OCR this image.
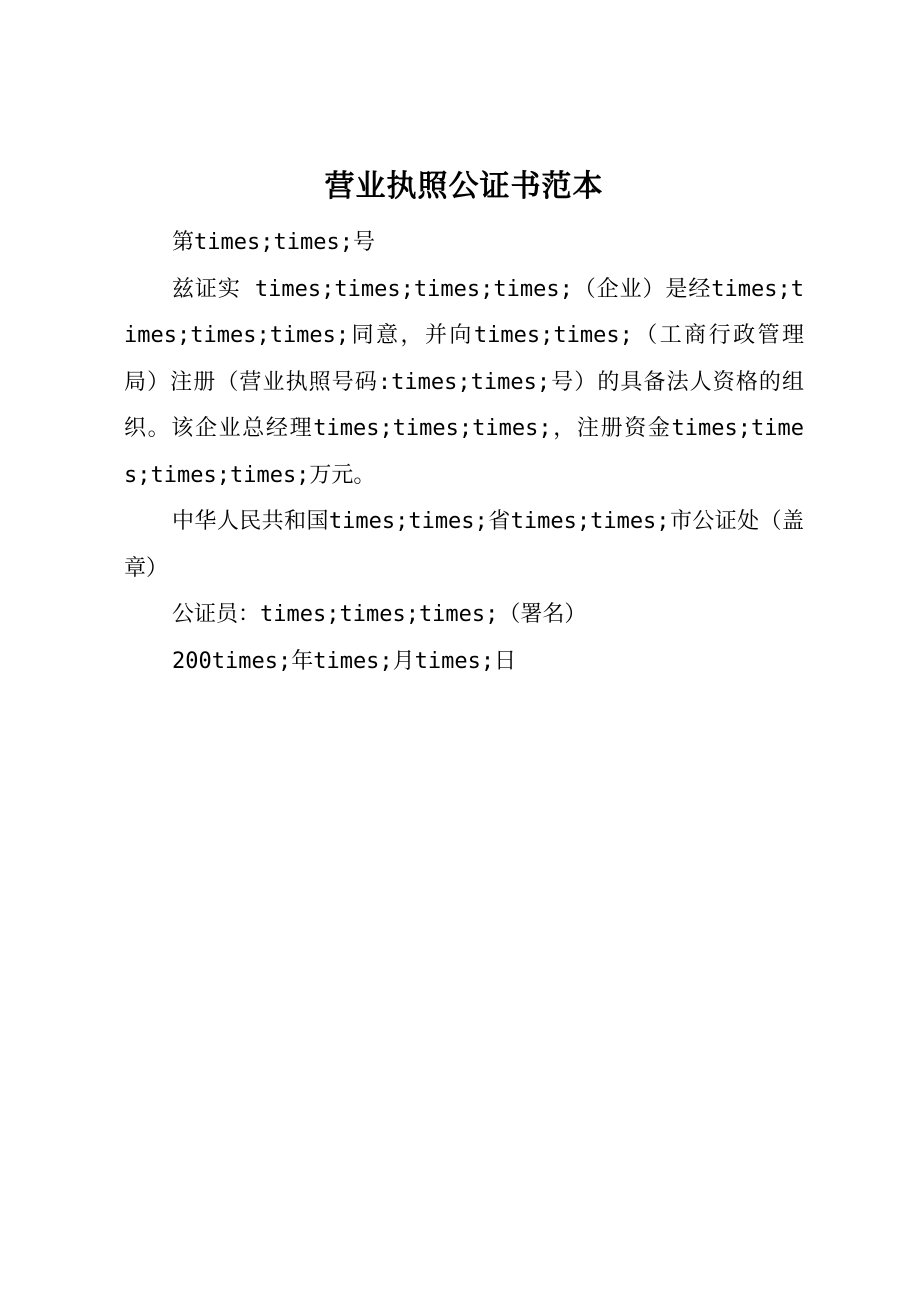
营业执照公证书范本

第times;times;号

兹证实 times;times;times;times;（企业）是经times;times;times;times;同意，并向times;times;（工商行政管理局）注册（营业执照号码:times;times;号）的具备法人资格的组织。该企业总经理times;times;times;，注册资金times;times;times;times;万元。

中华人民共和国times;times;省times;times;市公证处（盖章）

公证员：times;times;times;（署名）

200times;年times;月times;日
